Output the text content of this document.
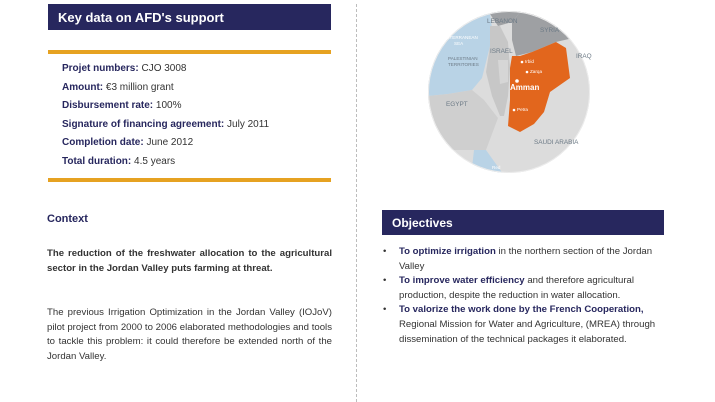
Key data on AFD's support
Projet numbers: CJO 3008
Amount: €3 million grant
Disbursement rate: 100%
Signature of financing agreement: July 2011
Completion date: June 2012
Total duration: 4.5 years
Context
The reduction of the freshwater allocation to the agricultural sector in the Jordan Valley puts farming at threat.
The previous Irrigation Optimization in the Jordan Valley (IOJoV) pilot project from 2000 to 2006 elaborated methodologies and tools to tackle this problem: it could therefore be extended north of the Jordan Valley.
LEBANON
SYRIA
MEDITERRANEAN
SEA
ISRAEL
IRAQ
PALESTINIAN
TERRITORIES
Irbid
Zarqa
Amman
Petra
EGYPT
SAUDI ARABIA
Red
Sea
Objectives
• To optimize irrigation in the northern section of the Jordan Valley
• To improve water efficiency and therefore agricultural production, despite the reduction in water allocation.
• To valorize the work done by the French Cooperation, Regional Mission for Water and Agriculture, (MREA) through dissemination of the technical packages it elaborated.
